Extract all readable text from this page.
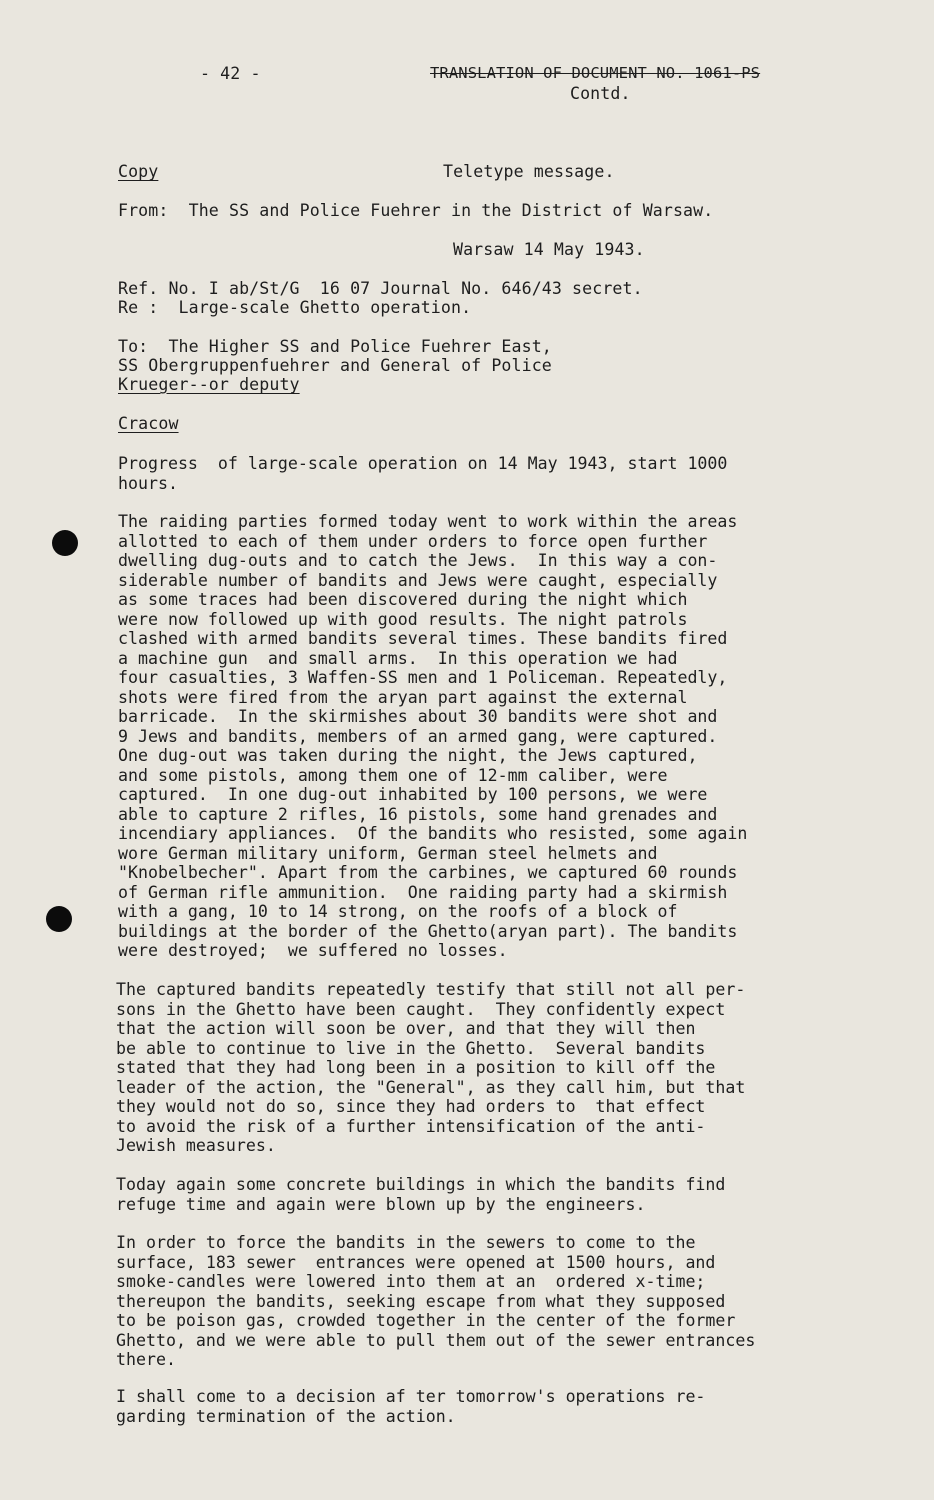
- 42 -	TRANSLATION OF DOCUMENT NO. 1061-PS
Contd.
Copy	Teletype message.
From:  The SS and Police Fuehrer in the District of Warsaw.
Warsaw 14 May 1943.
Ref. No. I ab/St/G  16 07 Journal No. 646/43 secret.
Re :  Large-scale Ghetto operation.
To:  The Higher SS and Police Fuehrer East,
SS Obergruppenfuehrer and General of Police
Krueger--or deputy
Cracow
Progress  of large-scale operation on 14 May 1943, start 1000
hours.
The raiding parties formed today went to work within the areas
allotted to each of them under orders to force open further
dwelling dug-outs and to catch the Jews.  In this way a con-
siderable number of bandits and Jews were caught, especially
as some traces had been discovered during the night which
were now followed up with good results. The night patrols
clashed with armed bandits several times. These bandits fired
a machine gun  and small arms.  In this operation we had
four casualties, 3 Waffen-SS men and 1 Policeman. Repeatedly,
shots were fired from the aryan part against the external
barricade.  In the skirmishes about 30 bandits were shot and
9 Jews and bandits, members of an armed gang, were captured.
One dug-out was taken during the night, the Jews captured,
and some pistols, among them one of 12-mm caliber, were
captured.  In one dug-out inhabited by 100 persons, we were
able to capture 2 rifles, 16 pistols, some hand grenades and
incendiary appliances.  Of the bandits who resisted, some again
wore German military uniform, German steel helmets and
"Knobelbecher". Apart from the carbines, we captured 60 rounds
of German rifle ammunition.  One raiding party had a skirmish
with a gang, 10 to 14 strong, on the roofs of a block of
buildings at the border of the Ghetto(aryan part). The bandits
were destroyed;  we suffered no losses.
The captured bandits repeatedly testify that still not all per-
sons in the Ghetto have been caught.  They confidently expect
that the action will soon be over, and that they will then
be able to continue to live in the Ghetto.  Several bandits
stated that they had long been in a position to kill off the
leader of the action, the "General", as they call him, but that
they would not do so, since they had orders to  that effect
to avoid the risk of a further intensification of the anti-
Jewish measures.
Today again some concrete buildings in which the bandits find
refuge time and again were blown up by the engineers.
In order to force the bandits in the sewers to come to the
surface, 183 sewer  entrances were opened at 1500 hours, and
smoke-candles were lowered into them at an  ordered x-time;
thereupon the bandits, seeking escape from what they supposed
to be poison gas, crowded together in the center of the former
Ghetto, and we were able to pull them out of the sewer entrances
there.
I shall come to a decision af ter tomorrow's operations re-
garding termination of the action.
